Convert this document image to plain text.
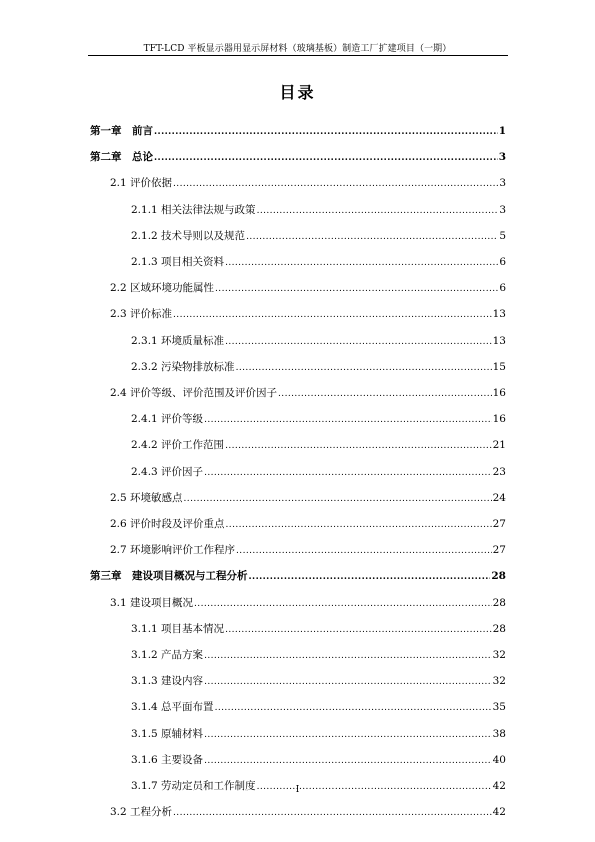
TFT-LCD 平板显示器用显示屏材料（玻璃基板）制造工厂扩建项目（一期）
目录
第一章　前言 .....	1
第二章　总论 .....	3
2.1 评价依据 .....	3
2.1.1 相关法律法规与政策 .....	3
2.1.2 技术导则以及规范 .....	5
2.1.3 项目相关资料 .....	6
2.2 区域环境功能属性 .....	6
2.3 评价标准 .....	13
2.3.1 环境质量标准 .....	13
2.3.2 污染物排放标准 .....	15
2.4 评价等级、评价范围及评价因子 .....	16
2.4.1 评价等级 .....	16
2.4.2 评价工作范围 .....	21
2.4.3 评价因子 .....	23
2.5 环境敏感点 .....	24
2.6 评价时段及评价重点 .....	27
2.7 环境影响评价工作程序 .....	27
第三章　建设项目概况与工程分析 .....	28
3.1 建设项目概况 .....	28
3.1.1 项目基本情况 .....	28
3.1.2 产品方案 .....	32
3.1.3 建设内容 .....	32
3.1.4 总平面布置 .....	35
3.1.5 原辅材料 .....	38
3.1.6 主要设备 .....	40
3.1.7 劳动定员和工作制度 .....	42
3.2 工程分析 .....	42
I
